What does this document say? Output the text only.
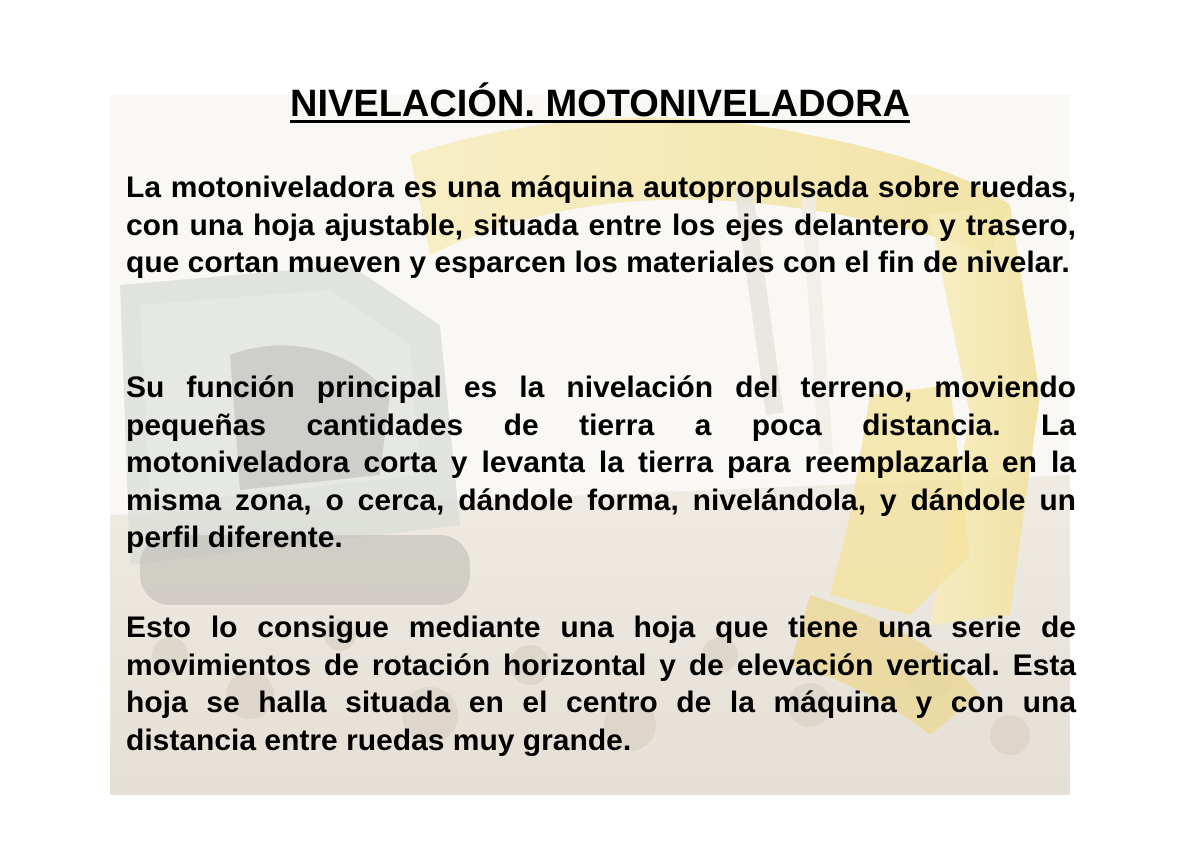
NIVELACIÓN. MOTONIVELADORA

La motoniveladora es una máquina autopropulsada sobre ruedas, con una hoja ajustable, situada entre los ejes delantero y trasero, que cortan mueven y esparcen los materiales con el fin de nivelar.

Su función principal es la nivelación del terreno, moviendo pequeñas cantidades de tierra a poca distancia. La motoniveladora corta y levanta la tierra para reemplazarla en la misma zona, o cerca, dándole forma, nivelándola, y dándole un perfil diferente.

Esto lo consigue mediante una hoja que tiene una serie de movimientos de rotación horizontal y de elevación vertical. Esta hoja se halla situada en el centro de la máquina y con una distancia entre ruedas muy grande.
